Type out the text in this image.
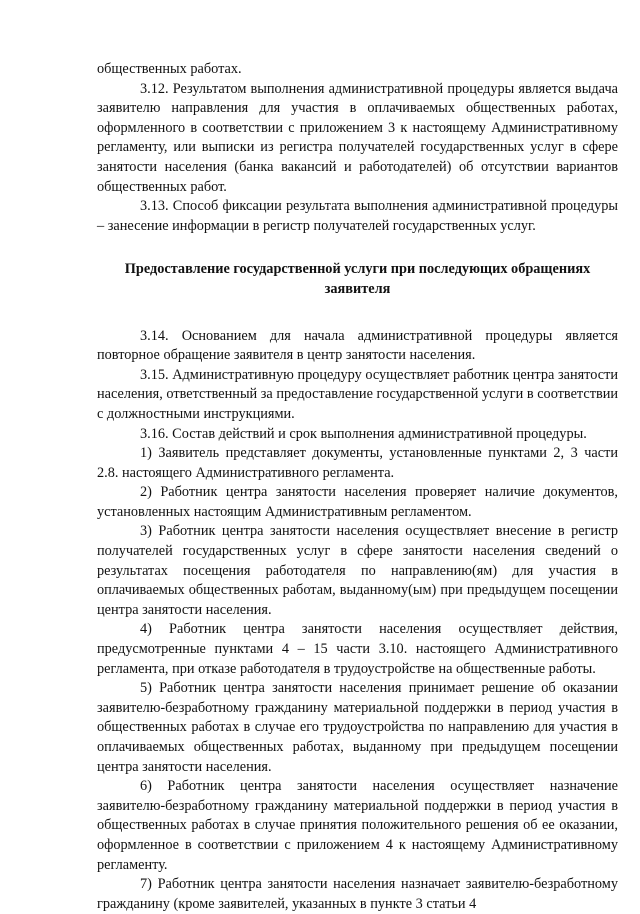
общественных работах.

3.12. Результатом выполнения административной процедуры является выдача заявителю направления для участия в оплачиваемых общественных работах, оформленного в соответствии с приложением 3 к настоящему Административному регламенту, или выписки из регистра получателей государственных услуг в сфере занятости населения (банка вакансий и работодателей) об отсутствии вариантов общественных работ.

3.13. Способ фиксации результата выполнения административной процедуры – занесение информации в регистр получателей государственных услуг.

Предоставление государственной услуги при последующих обращениях заявителя

3.14. Основанием для начала административной процедуры является повторное обращение заявителя в центр занятости населения.

3.15. Административную процедуру осуществляет работник центра занятости населения, ответственный за предоставление государственной услуги в соответствии с должностными инструкциями.

3.16. Состав действий и срок выполнения административной процедуры.

1) Заявитель представляет документы, установленные пунктами 2, 3 части 2.8. настоящего Административного регламента.

2) Работник центра занятости населения проверяет наличие документов, установленных настоящим Административным регламентом.

3) Работник центра занятости населения осуществляет внесение в регистр получателей государственных услуг в сфере занятости населения сведений о результатах посещения работодателя по направлению(ям) для участия в оплачиваемых общественных работам, выданному(ым) при предыдущем посещении центра занятости населения.

4) Работник центра занятости населения осуществляет действия, предусмотренные пунктами 4 – 15 части 3.10. настоящего Административного регламента, при отказе работодателя в трудоустройстве на общественные работы.

5) Работник центра занятости населения принимает решение об оказании заявителю-безработному гражданину материальной поддержки в период участия в общественных работах в случае его трудоустройства по направлению для участия в оплачиваемых общественных работах, выданному при предыдущем посещении центра занятости населения.

6) Работник центра занятости населения осуществляет назначение заявителю-безработному гражданину материальной поддержки в период участия в общественных работах в случае принятия положительного решения об ее оказании, оформленное в соответствии с приложением 4 к настоящему Административному регламенту.

7) Работник центра занятости населения назначает заявителю-безработному гражданину (кроме заявителей, указанных в пункте 3 статьи 4
